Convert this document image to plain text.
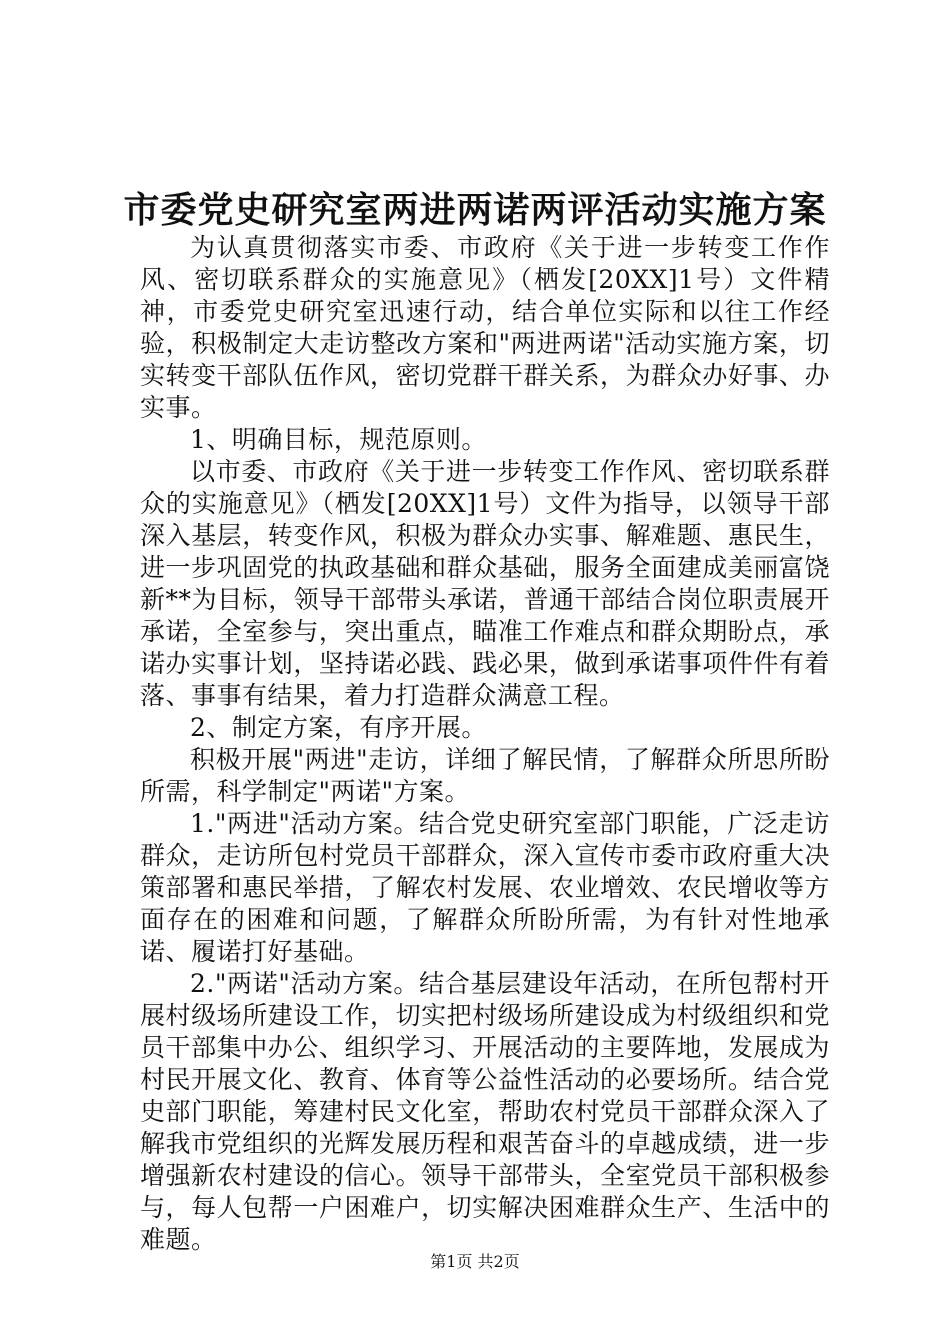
市委党史研究室两进两诺两评活动实施方案

为认真贯彻落实市委、市政府《关于进一步转变工作作风、密切联系群众的实施意见》（栖发[20XX]1号）文件精神，市委党史研究室迅速行动，结合单位实际和以往工作经验，积极制定大走访整改方案和"两进两诺"活动实施方案，切实转变干部队伍作风，密切党群干群关系，为群众办好事、办实事。

1、明确目标，规范原则。

以市委、市政府《关于进一步转变工作作风、密切联系群众的实施意见》（栖发[20XX]1号）文件为指导，以领导干部深入基层，转变作风，积极为群众办实事、解难题、惠民生，进一步巩固党的执政基础和群众基础，服务全面建成美丽富饶新**为目标，领导干部带头承诺，普通干部结合岗位职责展开承诺，全室参与，突出重点，瞄准工作难点和群众期盼点，承诺办实事计划，坚持诺必践、践必果，做到承诺事项件件有着落、事事有结果，着力打造群众满意工程。

2、制定方案，有序开展。

积极开展"两进"走访，详细了解民情，了解群众所思所盼所需，科学制定"两诺"方案。

1."两进"活动方案。结合党史研究室部门职能，广泛走访群众，走访所包村党员干部群众，深入宣传市委市政府重大决策部署和惠民举措，了解农村发展、农业增效、农民增收等方面存在的困难和问题，了解群众所盼所需，为有针对性地承诺、履诺打好基础。

2."两诺"活动方案。结合基层建设年活动，在所包帮村开展村级场所建设工作，切实把村级场所建设成为村级组织和党员干部集中办公、组织学习、开展活动的主要阵地，发展成为村民开展文化、教育、体育等公益性活动的必要场所。结合党史部门职能，筹建村民文化室，帮助农村党员干部群众深入了解我市党组织的光辉发展历程和艰苦奋斗的卓越成绩，进一步增强新农村建设的信心。领导干部带头，全室党员干部积极参与，每人包帮一户困难户，切实解决困难群众生产、生活中的难题。

第1页 共2页
